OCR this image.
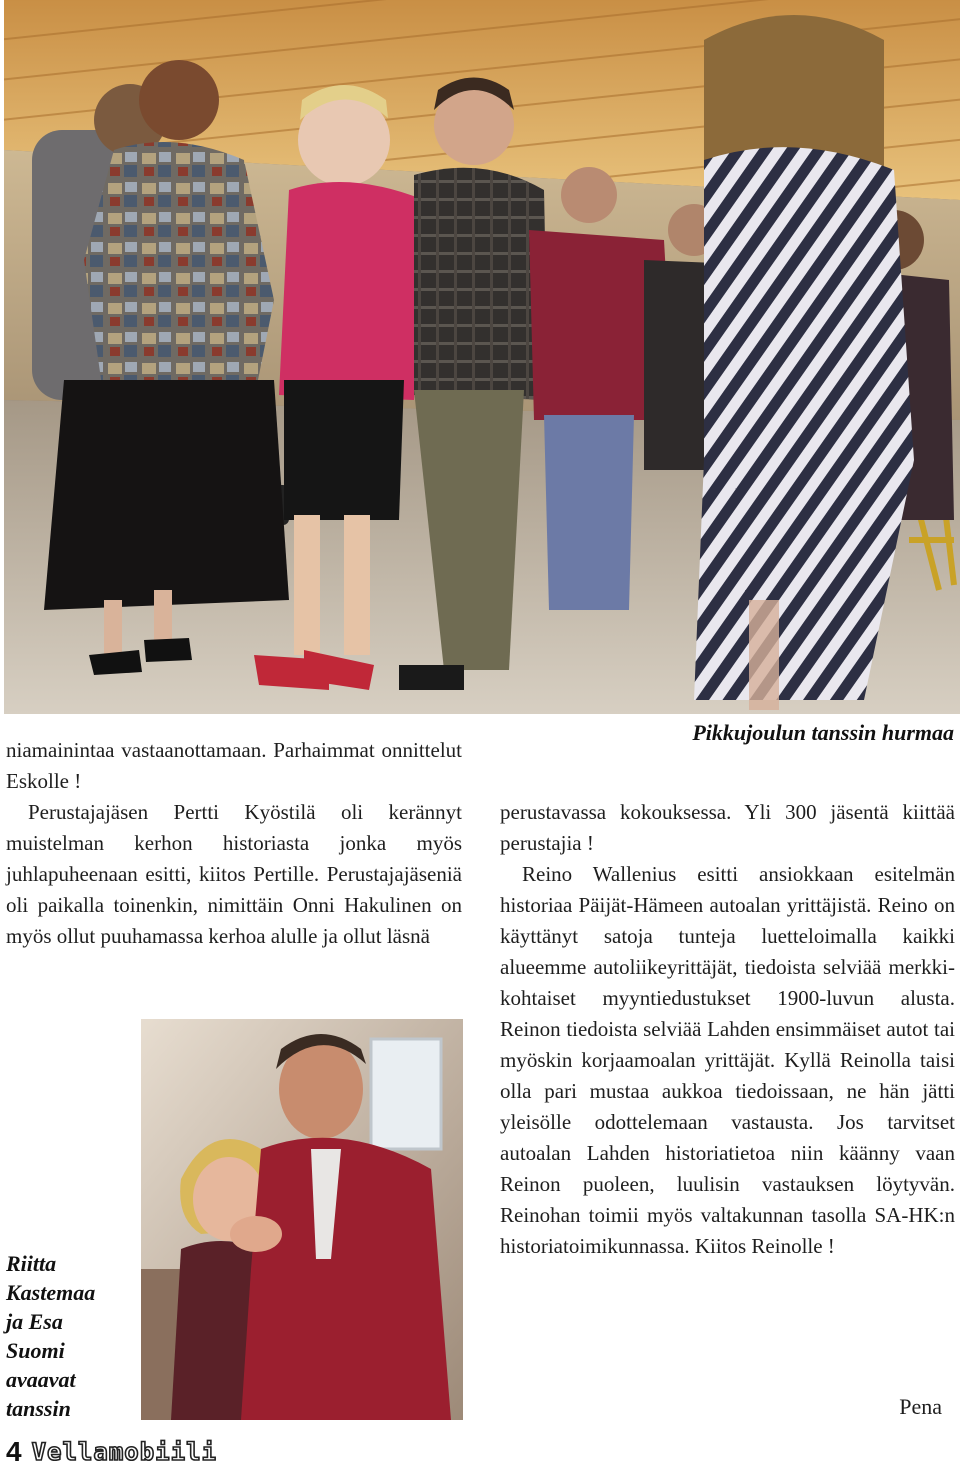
Pikkujoulun tanssin hurmaa

niamainintaa vastaanottamaan. Parhaimmat onnittelut Eskolle !

Perustajajäsen Pertti Kyöstilä oli kerännyt muistelman kerhon historiasta jonka myös juhlapuheenaan esitti, kiitos Pertille. Perustajajäseniä oli paikalla toinenkin, nimittäin Onni Hakulinen on myös ollut puuhamassa kerhoa alulle ja ollut läsnä

perustavassa kokouksessa. Yli 300 jäsentä kiittää perustajia !

Reino Wallenius esitti ansiokkaan esitelmän historiaa Päijät-Hämeen autoalan yrittäjistä. Reino on käyttänyt satoja tunteja luetteloimalla kaikki alueemme autoliikeyrittäjät, tiedoista selviää merkkikohtaiset myyntiedustukset 1900-luvun alusta. Reinon tiedoista selviää Lahden ensimmäiset autot tai myöskin korjaamoalan yrittäjät. Kyllä Reinolla taisi olla pari mustaa aukkoa tiedoissaan, ne hän jätti yleisölle odottelemaan vastausta. Jos tarvitset autoalan Lahden historiatietoa niin käänny vaan Reinon puoleen, luulisin vastauksen löytyvän. Reinohan toimii myös valtakunnan tasolla SA-HK:n historiatoimikunnassa. Kiitos Reinolle !

Pena
Riitta
Kastemaa
ja Esa
Suomi
avaavat
tanssin
4 Vellamobiili
